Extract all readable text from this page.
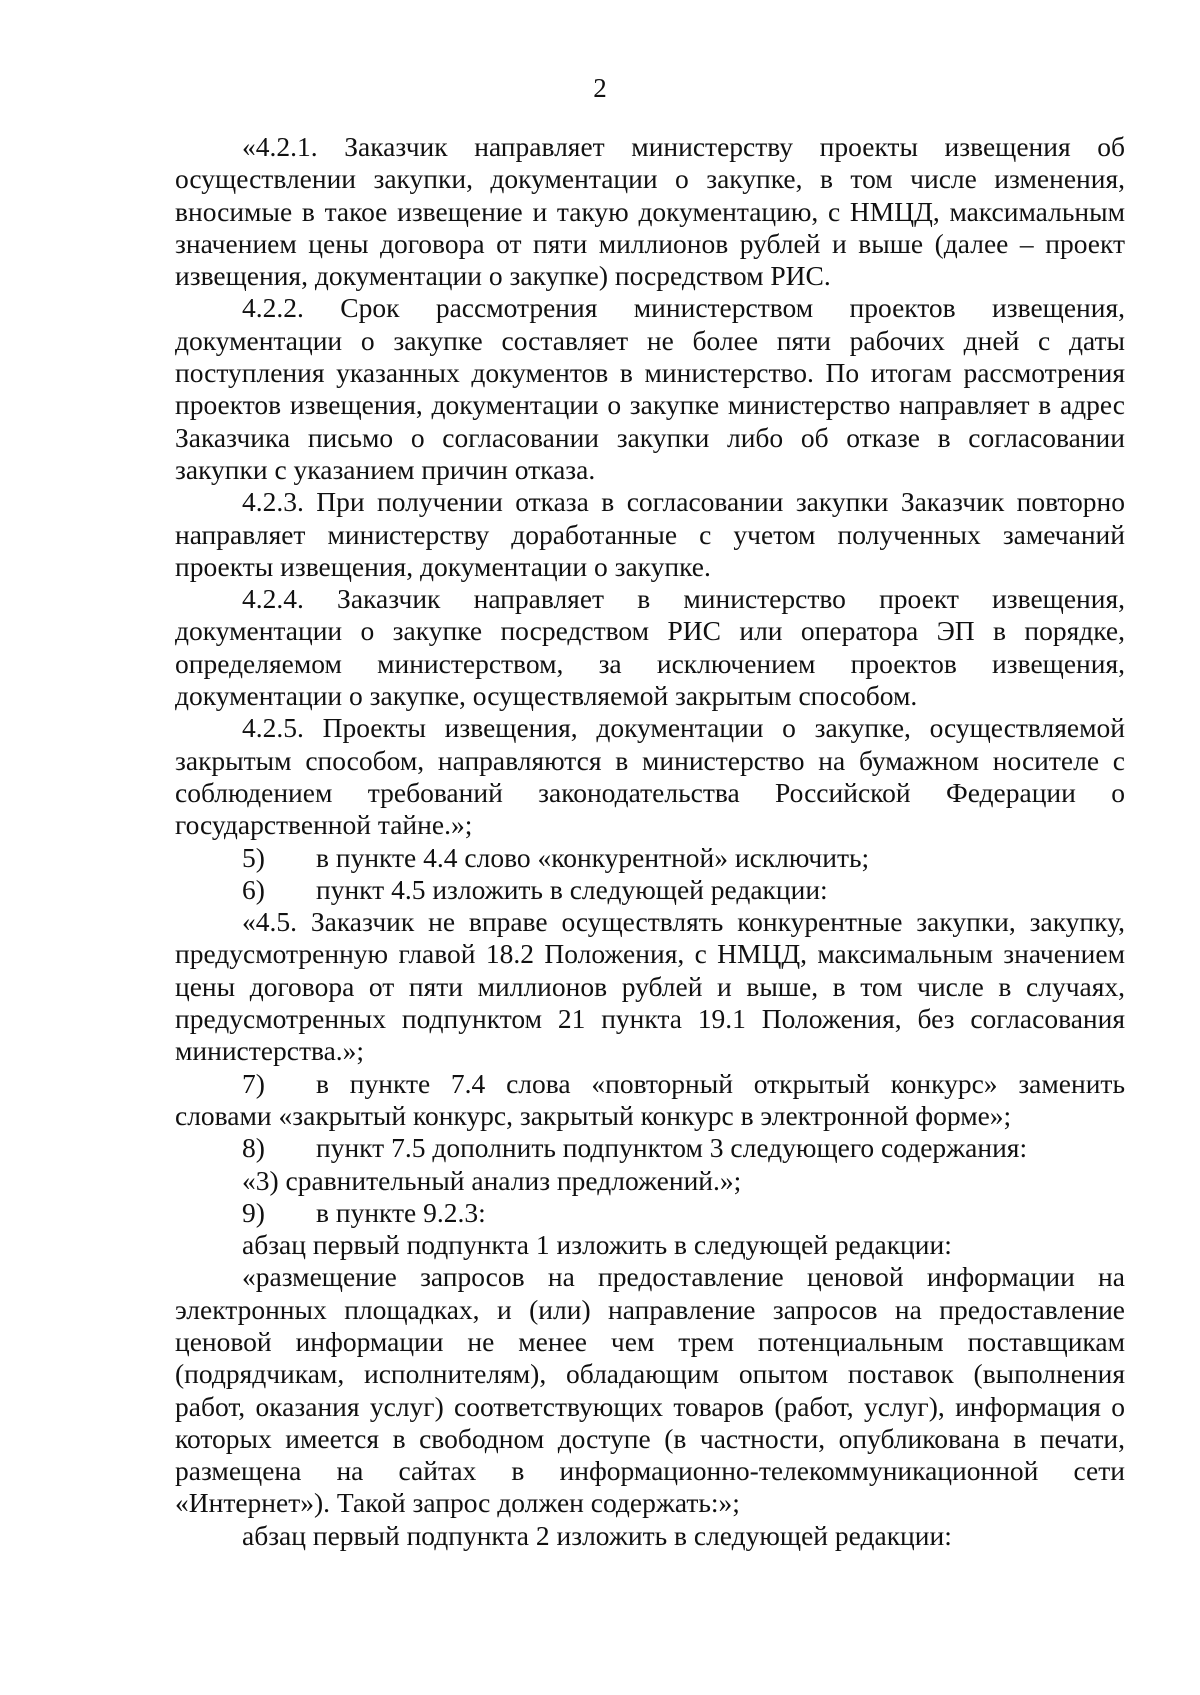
2

«4.2.1. Заказчик направляет министерству проекты извещения об осуществлении закупки, документации о закупке, в том числе изменения, вносимые в такое извещение и такую документацию, с НМЦД, максимальным значением цены договора от пяти миллионов рублей и выше (далее – проект извещения, документации о закупке) посредством РИС.

4.2.2. Срок рассмотрения министерством проектов извещения, документации о закупке составляет не более пяти рабочих дней с даты поступления указанных документов в министерство. По итогам рассмотрения проектов извещения, документации о закупке министерство направляет в адрес Заказчика письмо о согласовании закупки либо об отказе в согласовании закупки с указанием причин отказа.

4.2.3. При получении отказа в согласовании закупки Заказчик повторно направляет министерству доработанные с учетом полученных замечаний проекты извещения, документации о закупке.

4.2.4. Заказчик направляет в министерство проект извещения, документации о закупке посредством РИС или оператора ЭП в порядке, определяемом министерством, за исключением проектов извещения, документации о закупке, осуществляемой закрытым способом.

4.2.5. Проекты извещения, документации о закупке, осуществляемой закрытым способом, направляются в министерство на бумажном носителе с соблюдением требований законодательства Российской Федерации о государственной тайне.»;

5) в пункте 4.4 слово «конкурентной» исключить;

6) пункт 4.5 изложить в следующей редакции:

«4.5. Заказчик не вправе осуществлять конкурентные закупки, закупку, предусмотренную главой 18.2 Положения, с НМЦД, максимальным значением цены договора от пяти миллионов рублей и выше, в том числе в случаях, предусмотренных подпунктом 21 пункта 19.1 Положения, без согласования министерства.»;

7) в пункте 7.4 слова «повторный открытый конкурс» заменить словами «закрытый конкурс, закрытый конкурс в электронной форме»;

8) пункт 7.5 дополнить подпунктом 3 следующего содержания:

«3) сравнительный анализ предложений.»;

9) в пункте 9.2.3:

абзац первый подпункта 1 изложить в следующей редакции:

«размещение запросов на предоставление ценовой информации на электронных площадках, и (или) направление запросов на предоставление ценовой информации не менее чем трем потенциальным поставщикам (подрядчикам, исполнителям), обладающим опытом поставок (выполнения работ, оказания услуг) соответствующих товаров (работ, услуг), информация о которых имеется в свободном доступе (в частности, опубликована в печати, размещена на сайтах в информационно-телекоммуникационной сети «Интернет»). Такой запрос должен содержать:»;

абзац первый подпункта 2 изложить в следующей редакции:
